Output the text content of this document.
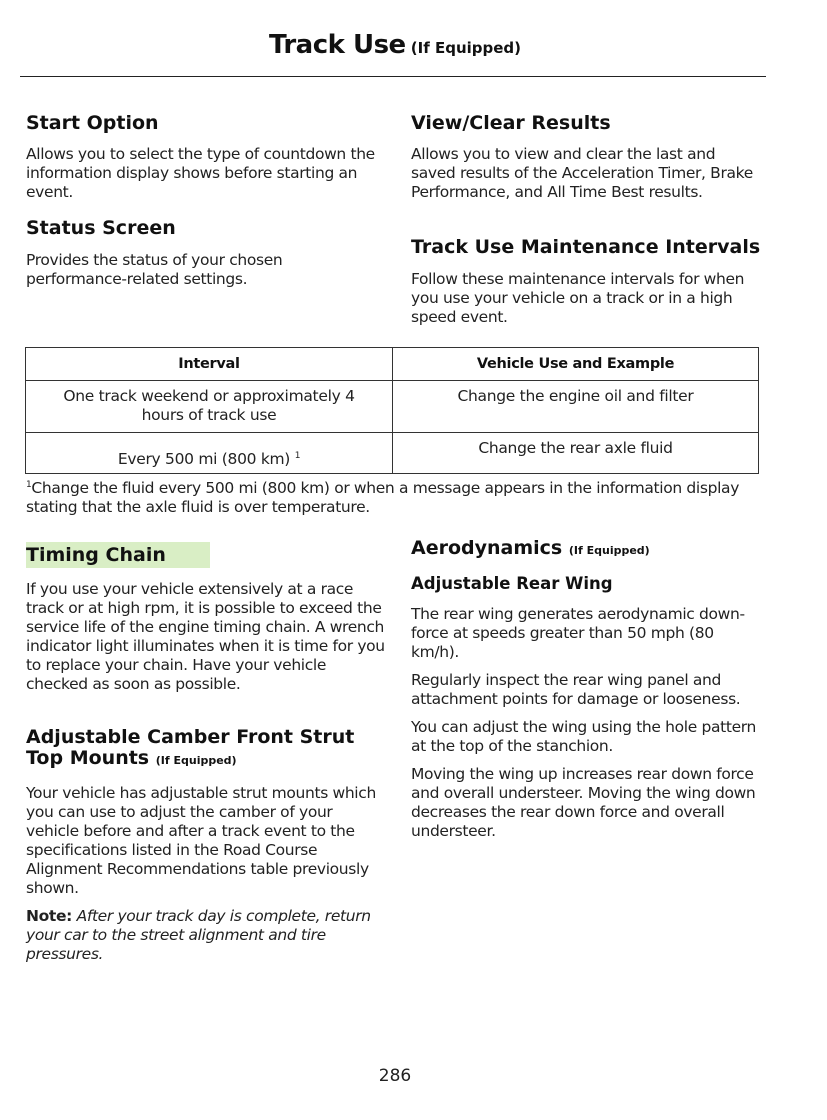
Track Use (If Equipped)
Start Option

Allows you to select the type of countdown the information display shows before starting an event.

Status Screen

Provides the status of your chosen performance-related settings.

View/Clear Results

Allows you to view and clear the last and saved results of the Acceleration Timer, Brake Performance, and All Time Best results.

Track Use Maintenance Intervals

Follow these maintenance intervals for when you use your vehicle on a track or in a high speed event.

Interval	Vehicle Use and Example
One track weekend or approximately 4 hours of track use	Change the engine oil and filter
Every 500 mi (800 km) $^1$	Change the rear axle fluid
$^1$Change the fluid every 500 mi (800 km) or when a message appears in the information display stating that the axle fluid is over temperature.
Timing Chain

If you use your vehicle extensively at a race track or at high rpm, it is possible to exceed the service life of the engine timing chain. A wrench indicator light illuminates when it is time for you to replace your chain. Have your vehicle checked as soon as possible.

Adjustable Camber Front Strut
Top Mounts (If Equipped)

Your vehicle has adjustable strut mounts which you can use to adjust the camber of your vehicle before and after a track event to the specifications listed in the Road Course Alignment Recommendations table previously shown.

Note: After your track day is complete, return your car to the street alignment and tire pressures.

Aerodynamics (If Equipped)
Adjustable Rear Wing

The rear wing generates aerodynamic down-force at speeds greater than 50 mph (80 km/h).

Regularly inspect the rear wing panel and attachment points for damage or looseness.

You can adjust the wing using the hole pattern at the top of the stanchion.

Moving the wing up increases rear down force and overall understeer. Moving the wing down decreases the rear down force and overall understeer.

286
